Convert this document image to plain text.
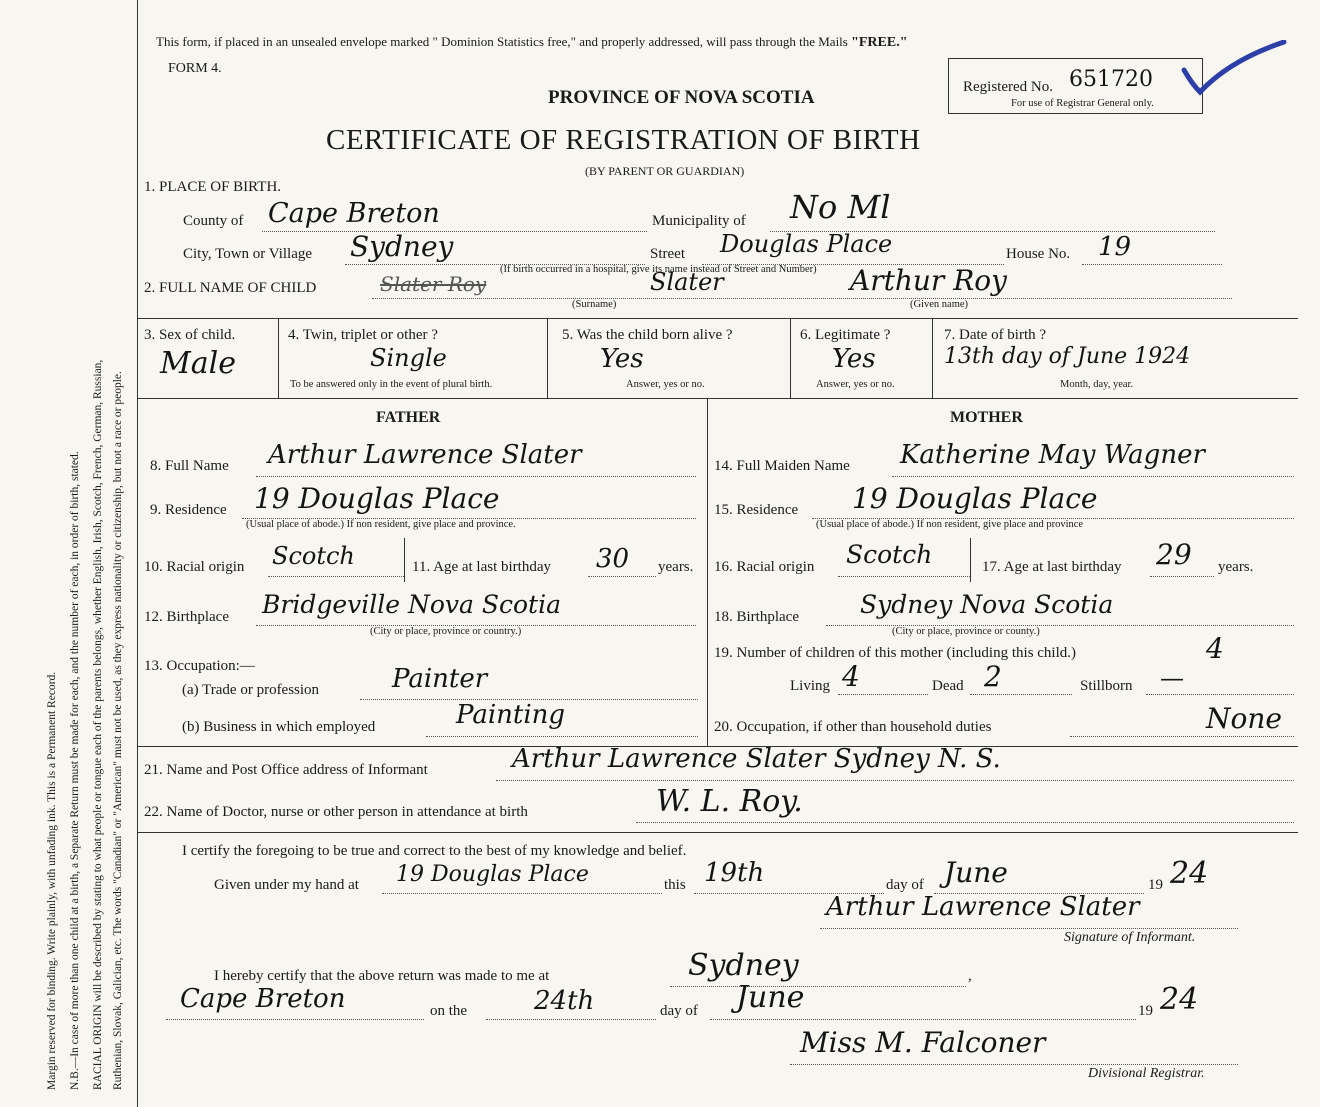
Margin reserved for binding. Write plainly, with unfading ink. This is a Permanent Record. N.B.—In case of more than one child at a birth, a Separate Return must be made for each, and the number of each, in order of birth, stated. RACIAL ORIGIN will be described by stating to what people or tongue each of the parents belongs, whether English, Irish, Scotch, French, German, Russian, Ruthenian, Slovak, Galician, etc. The words "Canadian" or "American" must not be used, as they express nationality or citizenship, but not a race or people.
This form, if placed in an unsealed envelope marked " Dominion Statistics free," and properly addressed, will pass through the Mails "FREE."
FORM 4.
Registered No. 651720
For use of Registrar General only.
PROVINCE OF NOVA SCOTIA
CERTIFICATE OF REGISTRATION OF BIRTH
(BY PARENT OR GUARDIAN)
1. PLACE OF BIRTH.
County of Cape Breton	Municipality of No Ml
City, Town or Village Sydney	Street Douglas Place	House No. 19
(If birth occurred in a hospital, give its name instead of Street and Number)
2. FULL NAME OF CHILD	Slater Roy	Slater	Arthur Roy
(Surname)	(Given name)
3. Sex of child.
Male
4. Twin, triplet or other ?
Single
To be answered only in the event of plural birth.
5. Was the child born alive ?
Yes
Answer, yes or no.
6. Legitimate ?
Yes
Answer, yes or no.
7. Date of birth ?
13th day of June 1924
Month, day, year.
FATHER	MOTHER
8. Full Name Arthur Lawrence Slater
9. Residence 19 Douglas Place
(Usual place of abode.) If non resident, give place and province.
10. Racial origin Scotch	11. Age at last birthday 30 years.
12. Birthplace Bridgeville Nova Scotia
(City or place, province or country.)
13. Occupation:—
(a) Trade or profession	Painter
(b) Business in which employed	Painting
14. Full Maiden Name Katherine May Wagner
15. Residence 19 Douglas Place
(Usual place of abode.) If non resident, give place and province
16. Racial origin Scotch	17. Age at last birthday 29 years.
18. Birthplace Sydney Nova Scotia
(City or place, province or county.)
19. Number of children of this mother (including this child.)	4
Living 4	Dead 2	Stillborn —
20. Occupation, if other than household duties	None
21. Name and Post Office address of Informant	Arthur Lawrence Slater Sydney N. S.
22. Name of Doctor, nurse or other person in attendance at birth	W. L. Roy.
I certify the foregoing to be true and correct to the best of my knowledge and belief.
Given under my hand at 19 Douglas Place	this 19th	day of June	19 24
Arthur Lawrence Slater
Signature of Informant.
I hereby certify that the above return was made to me at	Sydney	,
Cape Breton	on the	24th	day of June	19 24
Miss M. Falconer
Divisional Registrar.
